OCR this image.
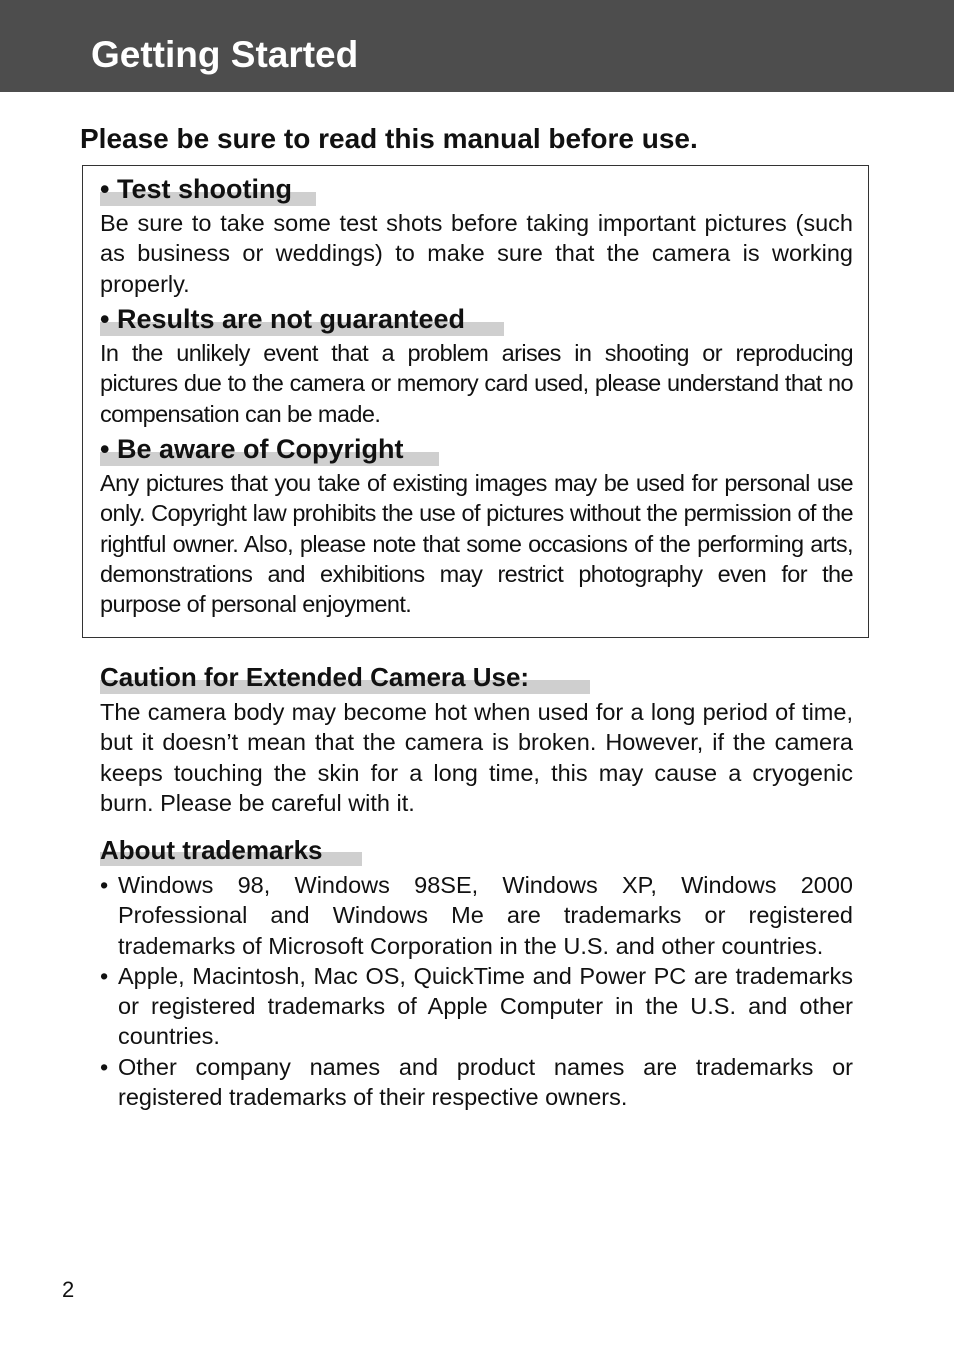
Getting Started
Please be sure to read this manual before use.
• Test shooting
Be sure to take some test shots before taking important pictures (such as business or weddings) to make sure that the camera is working properly.
• Results are not guaranteed
In the unlikely event that a problem arises in shooting or reproducing pictures due to the camera or memory card used, please understand that no compensation can be made.
• Be aware of Copyright
Any pictures that you take of existing images may be used for personal use only. Copyright law prohibits the use of pictures without the permission of the rightful owner. Also, please note that some occasions of the performing arts, demonstrations and exhibitions may restrict photography even for the purpose of personal enjoyment.
Caution for Extended Camera Use:
The camera body may become hot when used for a long period of time, but it doesn’t mean that the camera is broken. However, if the camera keeps touching the skin for a long time, this may cause a cryogenic burn. Please be careful with it.
About trademarks
• Windows 98, Windows 98SE, Windows XP, Windows 2000 Professional and Windows Me are trademarks or registered trademarks of Microsoft Corporation in the U.S. and other countries.
• Apple, Macintosh, Mac OS, QuickTime and Power PC are trademarks or registered trademarks of Apple Computer in the U.S. and other countries.
• Other company names and product names are trademarks or registered trademarks of their respective owners.
2
